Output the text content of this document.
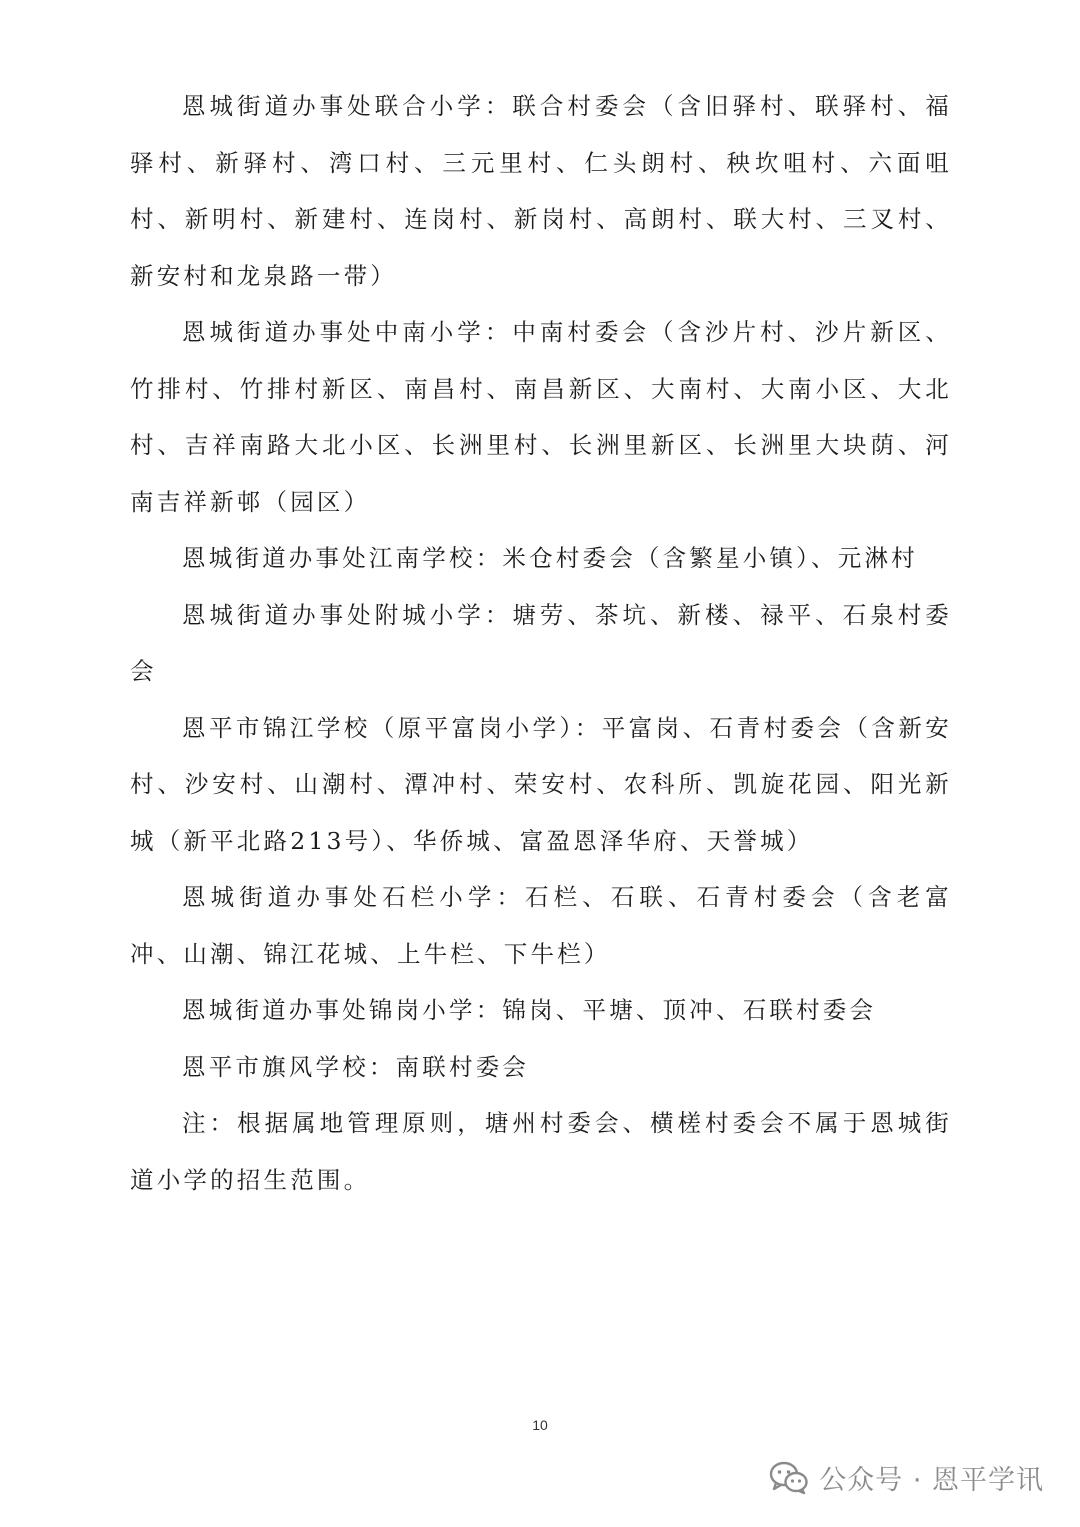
恩城街道办事处联合小学：联合村委会（含旧驿村、联驿村、福驿村、新驿村、湾口村、三元里村、仁头朗村、秧坎咀村、六面咀村、新明村、新建村、连岗村、新岗村、高朗村、联大村、三叉村、新安村和龙泉路一带）

恩城街道办事处中南小学：中南村委会（含沙片村、沙片新区、竹排村、竹排村新区、南昌村、南昌新区、大南村、大南小区、大北村、吉祥南路大北小区、长洲里村、长洲里新区、长洲里大块荫、河南吉祥新邨（园区）

恩城街道办事处江南学校：米仓村委会（含繁星小镇）、元淋村

恩城街道办事处附城小学：塘劳、茶坑、新楼、禄平、石泉村委会

恩平市锦江学校（原平富岗小学）：平富岗、石青村委会（含新安村、沙安村、山潮村、潭冲村、荣安村、农科所、凯旋花园、阳光新城（新平北路213号）、华侨城、富盈恩泽华府、天誉城）

恩城街道办事处石栏小学：石栏、石联、石青村委会（含老富冲、山潮、锦江花城、上牛栏、下牛栏）

恩城街道办事处锦岗小学：锦岗、平塘、顶冲、石联村委会

恩平市旗风学校：南联村委会

注：根据属地管理原则，塘州村委会、横槎村委会不属于恩城街道小学的招生范围。

10
公众号 · 恩平学讯
